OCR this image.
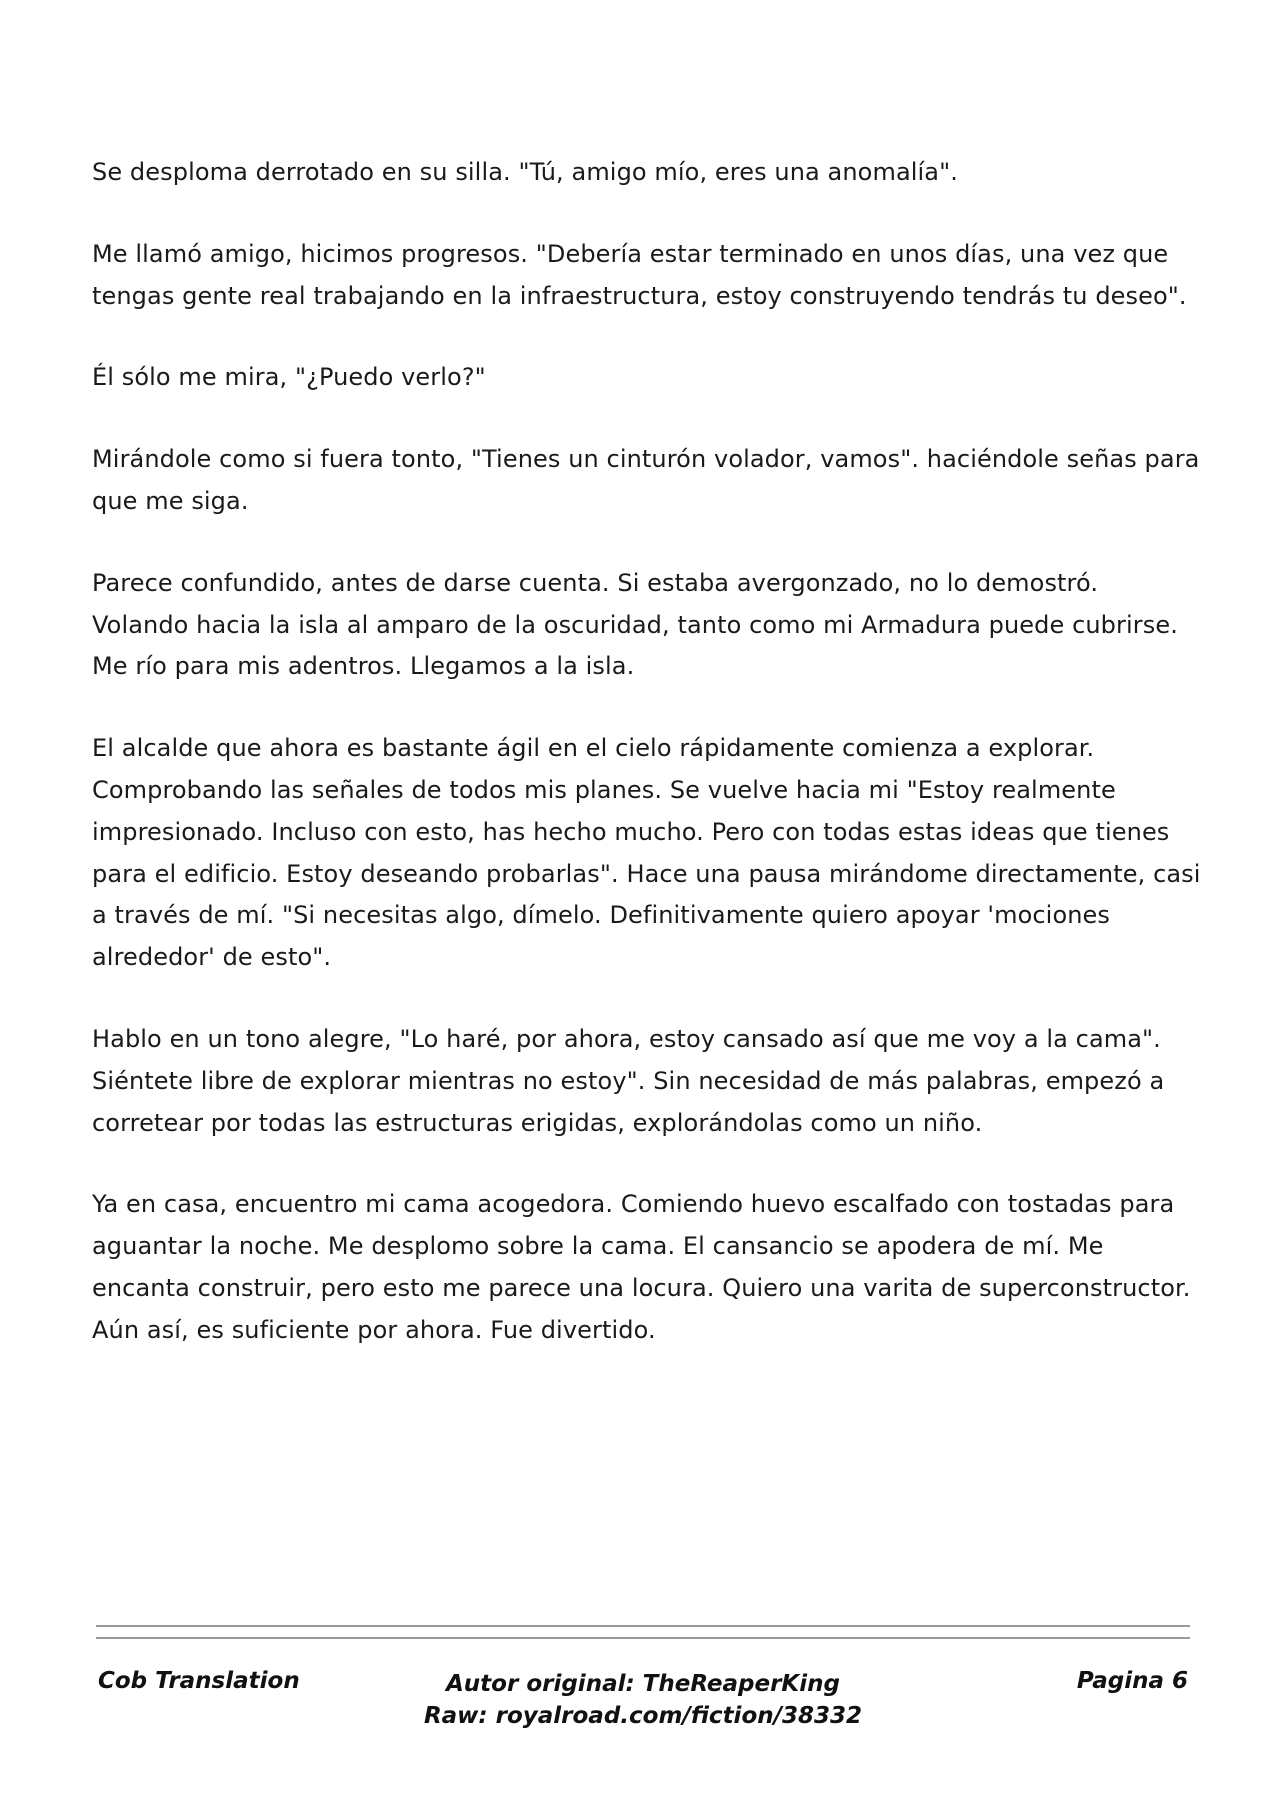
Se desploma derrotado en su silla. "Tú, amigo mío, eres una anomalía".

Me llamó amigo, hicimos progresos. "Debería estar terminado en unos días, una vez que tengas gente real trabajando en la infraestructura, estoy construyendo tendrás tu deseo".

Él sólo me mira, "¿Puedo verlo?"

Mirándole como si fuera tonto, "Tienes un cinturón volador, vamos". haciéndole señas para que me siga.

Parece confundido, antes de darse cuenta. Si estaba avergonzado, no lo demostró. Volando hacia la isla al amparo de la oscuridad, tanto como mi Armadura puede cubrirse. Me río para mis adentros. Llegamos a la isla.

El alcalde que ahora es bastante ágil en el cielo rápidamente comienza a explorar. Comprobando las señales de todos mis planes. Se vuelve hacia mi "Estoy realmente impresionado. Incluso con esto, has hecho mucho. Pero con todas estas ideas que tienes para el edificio. Estoy deseando probarlas". Hace una pausa mirándome directamente, casi a través de mí. "Si necesitas algo, dímelo. Definitivamente quiero apoyar 'mociones alrededor' de esto".

Hablo en un tono alegre, "Lo haré, por ahora, estoy cansado así que me voy a la cama". Siéntete libre de explorar mientras no estoy". Sin necesidad de más palabras, empezó a corretear por todas las estructuras erigidas, explorándolas como un niño.

Ya en casa, encuentro mi cama acogedora. Comiendo huevo escalfado con tostadas para aguantar la noche. Me desplomo sobre la cama. El cansancio se apodera de mí. Me encanta construir, pero esto me parece una locura. Quiero una varita de superconstructor. Aún así, es suficiente por ahora. Fue divertido.

Cob Translation	Autor original: TheReaperKing
Raw: royalroad.com/fiction/38332
Pagina 6
